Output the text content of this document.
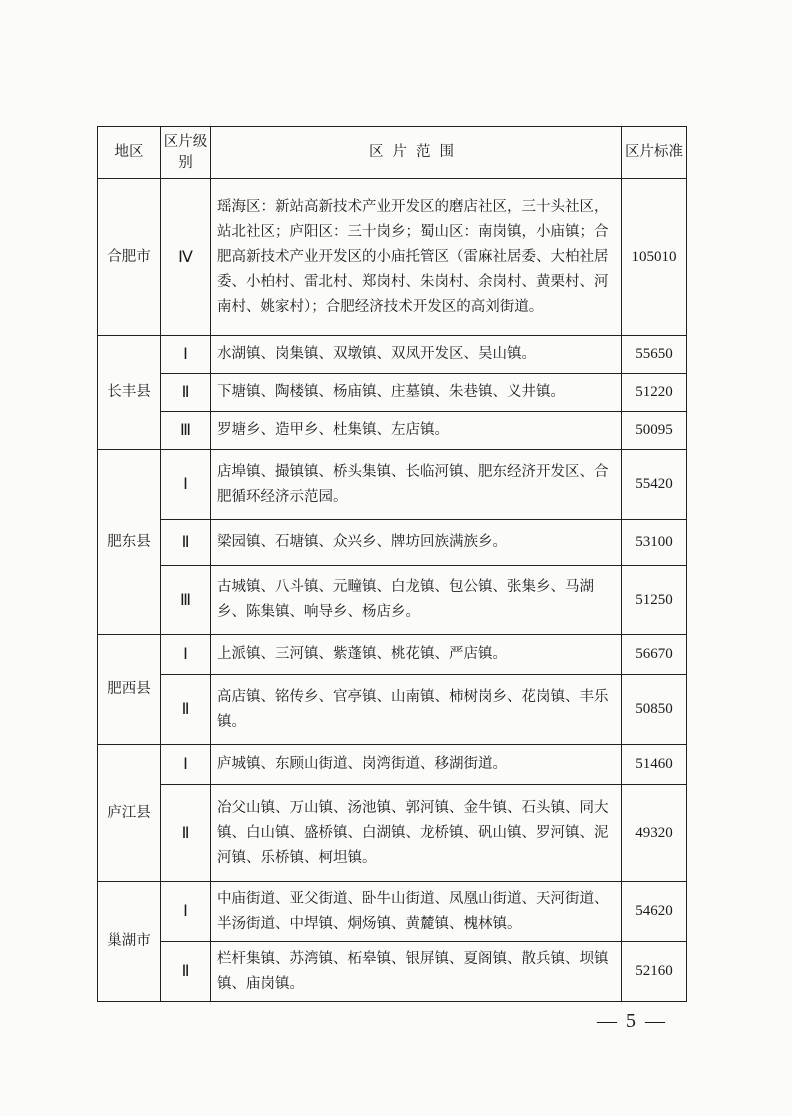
地区	区片级别	区片范围	区片标准
合肥市	Ⅳ	瑶海区：新站高新技术产业开发区的磨店社区，三十头社区，站北社区；庐阳区：三十岗乡；蜀山区：南岗镇，小庙镇；合肥高新技术产业开发区的小庙托管区（雷麻社居委、大柏社居委、小柏村、雷北村、郑岗村、朱岗村、余岗村、黄栗村、河南村、姚家村）；合肥经济技术开发区的高刘街道。	105010
长丰县	Ⅰ	水湖镇、岗集镇、双墩镇、双凤开发区、吴山镇。	55650
	Ⅱ	下塘镇、陶楼镇、杨庙镇、庄墓镇、朱巷镇、义井镇。	51220
	Ⅲ	罗塘乡、造甲乡、杜集镇、左店镇。	50095
肥东县	Ⅰ	店埠镇、撮镇镇、桥头集镇、长临河镇、肥东经济开发区、合肥循环经济示范园。	55420
	Ⅱ	梁园镇、石塘镇、众兴乡、牌坊回族满族乡。	53100
	Ⅲ	古城镇、八斗镇、元疃镇、白龙镇、包公镇、张集乡、马湖乡、陈集镇、响导乡、杨店乡。	51250
肥西县	Ⅰ	上派镇、三河镇、紫蓬镇、桃花镇、严店镇。	56670
	Ⅱ	高店镇、铭传乡、官亭镇、山南镇、柿树岗乡、花岗镇、丰乐镇。	50850
庐江县	Ⅰ	庐城镇、东顾山街道、岗湾街道、移湖街道。	51460
	Ⅱ	冶父山镇、万山镇、汤池镇、郭河镇、金牛镇、石头镇、同大镇、白山镇、盛桥镇、白湖镇、龙桥镇、矾山镇、罗河镇、泥河镇、乐桥镇、柯坦镇。	49320
巢湖市	Ⅰ	中庙街道、亚父街道、卧牛山街道、凤凰山街道、天河街道、半汤街道、中垾镇、烔炀镇、黄麓镇、槐林镇。	54620
	Ⅱ	栏杆集镇、苏湾镇、柘皋镇、银屏镇、夏阁镇、散兵镇、坝镇镇、庙岗镇。	52160
— 5 —
